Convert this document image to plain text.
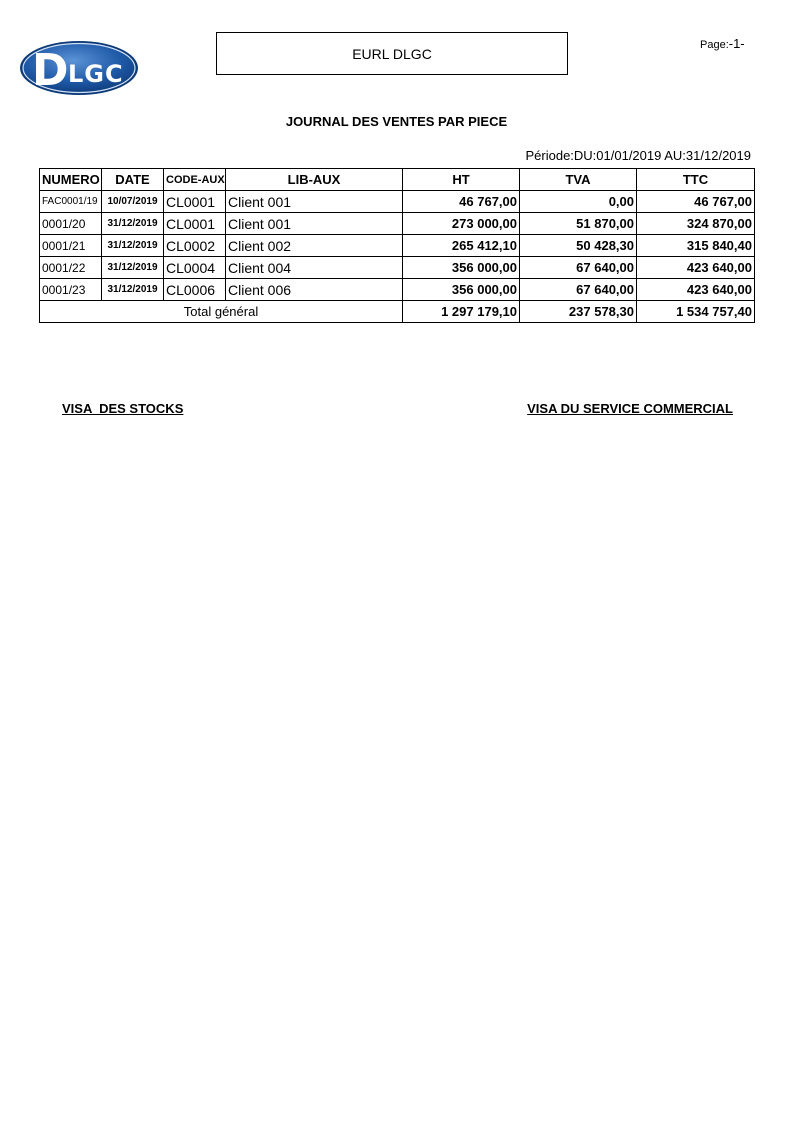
D LGC
EURL DLGC
Page:-1-
JOURNAL DES VENTES PAR PIECE
Période:DU:01/01/2019 AU:31/12/2019
NUMERO	DATE	CODE-AUX	LIB-AUX	HT	TVA	TTC
FAC0001/19	10/07/2019	CL0001	Client 001	46 767,00	0,00	46 767,00
0001/20	31/12/2019	CL0001	Client 001	273 000,00	51 870,00	324 870,00
0001/21	31/12/2019	CL0002	Client 002	265 412,10	50 428,30	315 840,40
0001/22	31/12/2019	CL0004	Client 004	356 000,00	67 640,00	423 640,00
0001/23	31/12/2019	CL0006	Client 006	356 000,00	67 640,00	423 640,00
Total général				1 297 179,10	237 578,30	1 534 757,40
VISA  DES STOCKS	VISA DU SERVICE COMMERCIAL
